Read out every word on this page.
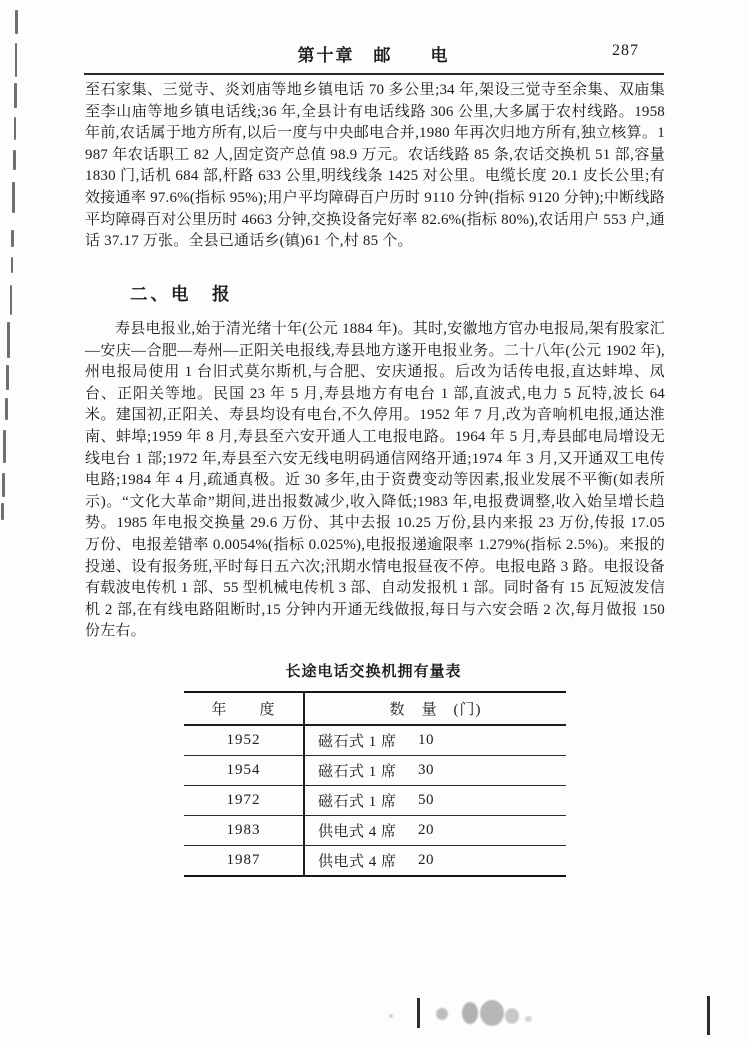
第十章　邮　　电	287
至石家集、三觉寺、炎刘庙等地乡镇电话 70 多公里;34 年,架设三觉寺至余集、双庙集至李山庙等地乡镇电话线;36 年,全县计有电话线路 306 公里,大多属于农村线路。1958 年前,农话属于地方所有,以后一度与中央邮电合并,1980 年再次归地方所有,独立核算。1987 年农话职工 82 人,固定资产总值 98.9 万元。农话线路 85 条,农话交换机 51 部,容量 1830 门,话机 684 部,杆路 633 公里,明线线条 1425 对公里。电缆长度 20.1 皮长公里;有效接通率 97.6%(指标 95%);用户平均障碍百户历时 9110 分钟(指标 9120 分钟);中断线路平均障碍百对公里历时 4663 分钟,交换设备完好率 82.6%(指标 80%),农话用户 553 户,通话 37.17 万张。全县已通话乡(镇)61 个,村 85 个。
二、电　报
寿县电报业,始于清光绪十年(公元 1884 年)。其时,安徽地方官办电报局,架有股家汇—安庆—合肥—寿州—正阳关电报线,寿县地方遂开电报业务。二十八年(公元 1902 年),州电报局使用 1 台旧式莫尔斯机,与合肥、安庆通报。后改为话传电报,直达蚌埠、凤台、正阳关等地。民国 23 年 5 月,寿县地方有电台 1 部,直波式,电力 5 瓦特,波长 64 米。建国初,正阳关、寿县均设有电台,不久停用。1952 年 7 月,改为音响机电报,通达淮南、蚌埠;1959 年 8 月,寿县至六安开通人工电报电路。1964 年 5 月,寿县邮电局增设无线电台 1 部;1972 年,寿县至六安无线电明码通信网络开通;1974 年 3 月,又开通双工电传电路;1984 年 4 月,疏通真极。近 30 多年,由于资费变动等因素,报业发展不平衡(如表所示)。“文化大革命”期间,进出报数减少,收入降低;1983 年,电报费调整,收入始呈增长趋势。1985 年电报交换量 29.6 万份、其中去报 10.25 万份,县内来报 23 万份,传报 17.05 万份、电报差错率 0.0054%(指标 0.025%),电报报递逾限率 1.279%(指标 2.5%)。来报的投递、设有报务班,平时每日五六次;汛期水情电报昼夜不停。电报电路 3 路。电报设备有载波电传机 1 部、55 型机械电传机 3 部、自动发报机 1 部。同时备有 15 瓦短波发信机 2 部,在有线电路阻断时,15 分钟内开通无线做报,每日与六安会晤 2 次,每月做报 150 份左右。
长途电话交换机拥有量表
年　　度	数　量　(门)
1952	磁石式 1 席	10
1954	磁石式 1 席	30
1972	磁石式 1 席	50
1983	供电式 4 席	20
1987	供电式 4 席	20
